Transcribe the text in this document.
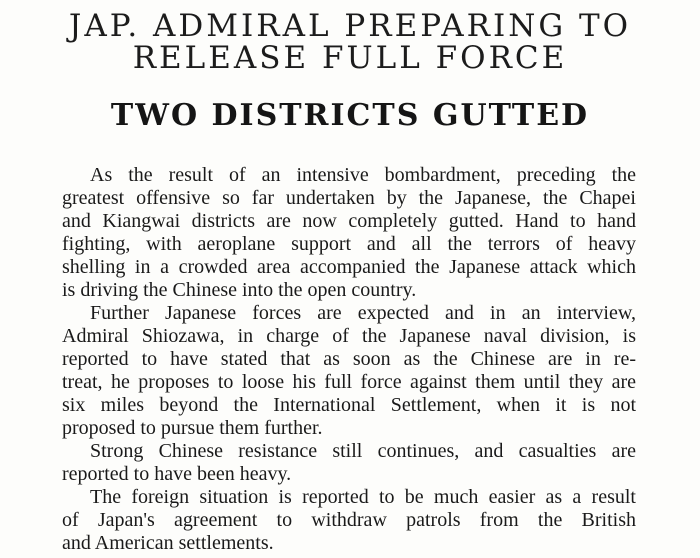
JAP. ADMIRAL PREPARING TO
RELEASE FULL FORCE
TWO DISTRICTS GUTTED
As the result of an intensive bombardment, preceding the
greatest offensive so far undertaken by the Japanese, the Chapei
and Kiangwai districts are now completely gutted. Hand to hand
fighting, with aeroplane support and all the terrors of heavy
shelling in a crowded area accompanied the Japanese attack which
is driving the Chinese into the open country.
Further Japanese forces are expected and in an interview,
Admiral Shiozawa, in charge of the Japanese naval division, is
reported to have stated that as soon as the Chinese are in re-
treat, he proposes to loose his full force against them until they are
six miles beyond the International Settlement, when it is not
proposed to pursue them further.
Strong Chinese resistance still continues, and casualties are
reported to have been heavy.
The foreign situation is reported to be much easier as a result
of Japan's agreement to withdraw patrols from the British
and American settlements.
